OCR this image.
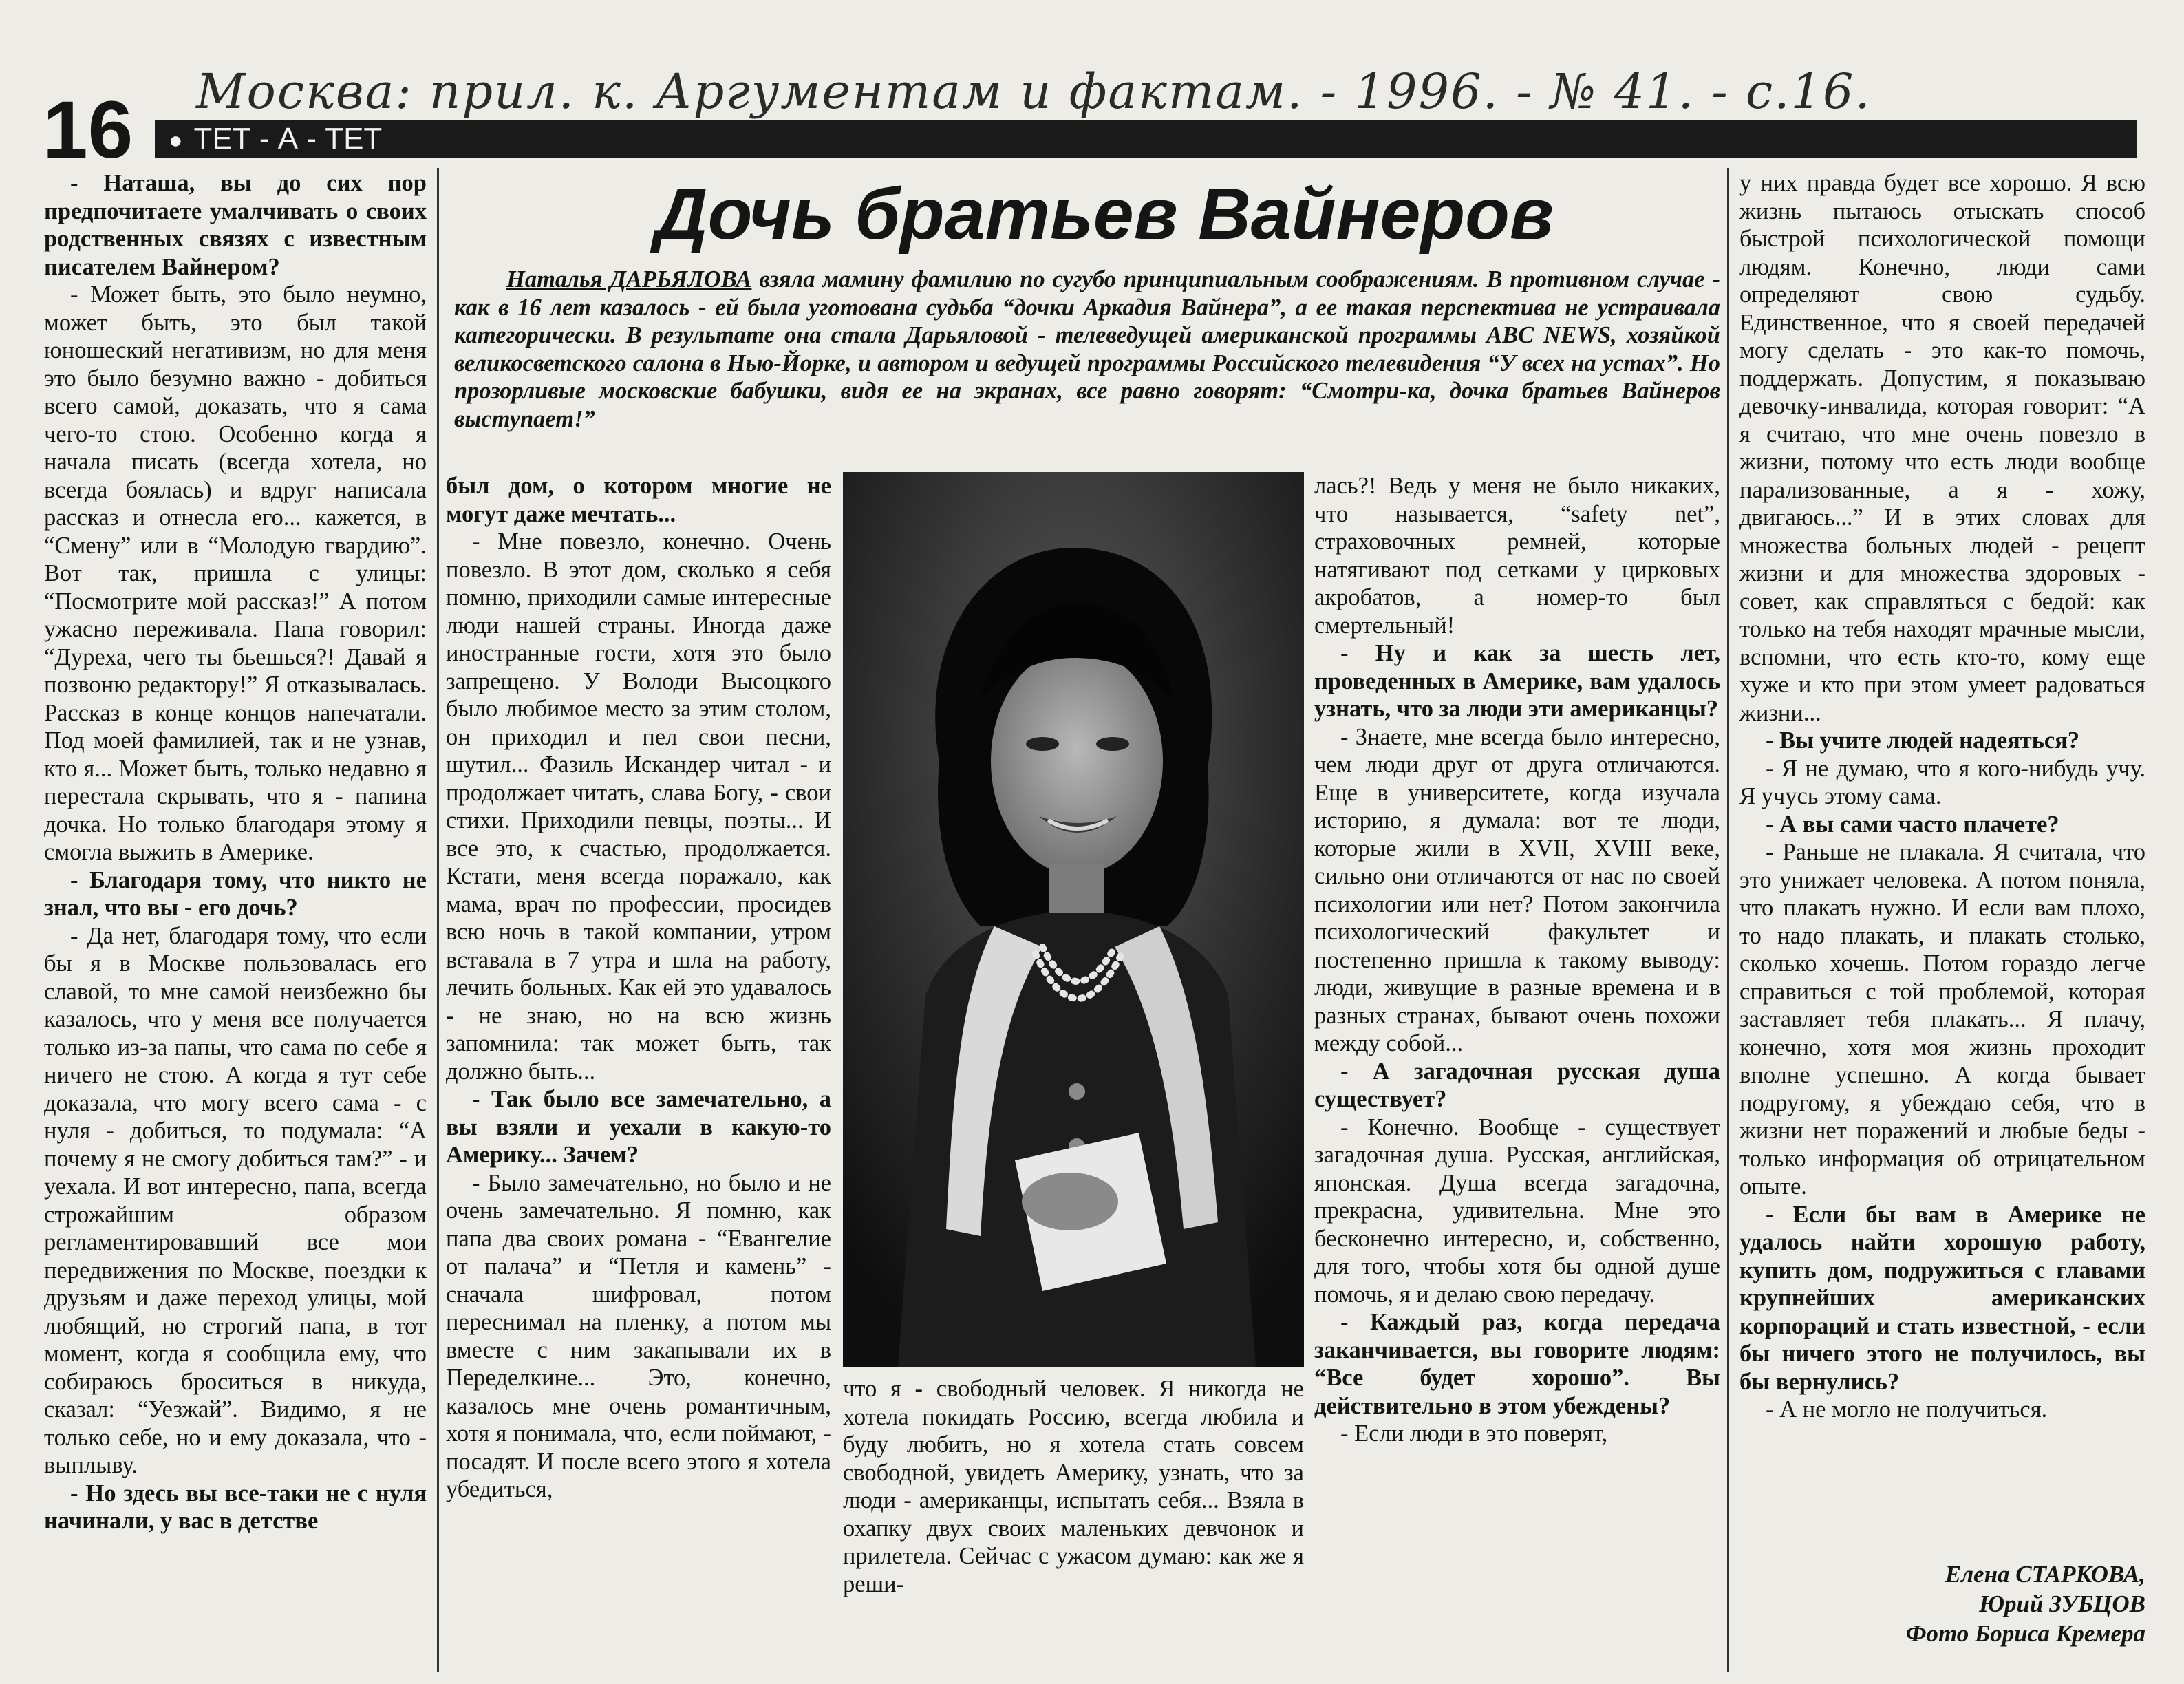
Москва: прил. к. Аргументам и фактам. - 1996. - № 41. - с.16.
16	● ТЕТ - А - ТЕТ

- Наташа, вы до сих пор предпочитаете умалчивать о своих родственных связях с известным писателем Вайнером?

- Может быть, это было неумно, может быть, это был такой юношеский негативизм, но для меня это было безумно важно - добиться всего самой, доказать, что я сама чего-то стою. Особенно когда я начала писать (всегда хотела, но всегда боялась) и вдруг написала рассказ и отнесла его... кажется, в “Смену” или в “Молодую гвардию”. Вот так, пришла с улицы: “Посмотрите мой рассказ!” А потом ужасно переживала. Папа говорил: “Дуреха, чего ты бьешься?! Давай я позвоню редактору!” Я отказывалась. Рассказ в конце концов напечатали. Под моей фамилией, так и не узнав, кто я... Может быть, только недавно я перестала скрывать, что я - папина дочка. Но только благодаря этому я смогла выжить в Америке.

- Благодаря тому, что никто не знал, что вы - его дочь?

- Да нет, благодаря тому, что если бы я в Москве пользовалась его славой, то мне самой неизбежно бы казалось, что у меня все получается только из-за папы, что сама по себе я ничего не стою. А когда я тут себе доказала, что могу всего сама - с нуля - добиться, то подумала: “А почему я не смогу добиться там?” - и уехала. И вот интересно, папа, всегда строжайшим образом регламентировавший все мои передвижения по Москве, поездки к друзьям и даже переход улицы, мой любящий, но строгий папа, в тот момент, когда я сообщила ему, что собираюсь броситься в никуда, сказал: “Уезжай”. Видимо, я не только себе, но и ему доказала, что - выплыву.

- Но здесь вы все-таки не с нуля начинали, у вас в детстве

Дочь братьев Вайнеров
Наталья ДАРЬЯЛОВА взяла мамину фамилию по сугубо принципиальным соображениям. В противном случае - как в 16 лет казалось - ей была уготована судьба “дочки Аркадия Вайнера”, а ее такая перспектива не устраивала категорически. В результате она стала Дарьяловой - телеведущей американской программы ABC NEWS, хозяйкой великосветского салона в Нью-Йорке, и автором и ведущей программы Российского телевидения “У всех на устах”. Но прозорливые московские бабушки, видя ее на экранах, все равно говорят: “Смотри-ка, дочка братьев Вайнеров выступает!”

был дом, о котором многие не могут даже мечтать...

- Мне повезло, конечно. Очень повезло. В этот дом, сколько я себя помню, приходили самые интересные люди нашей страны. Иногда даже иностранные гости, хотя это было запрещено. У Володи Высоцкого было любимое место за этим столом, он приходил и пел свои песни, шутил... Фазиль Искандер читал - и продолжает читать, слава Богу, - свои стихи. Приходили певцы, поэты... И все это, к счастью, продолжается. Кстати, меня всегда поражало, как мама, врач по профессии, просидев всю ночь в такой компании, утром вставала в 7 утра и шла на работу, лечить больных. Как ей это удавалось - не знаю, но на всю жизнь запомнила: так может быть, так должно быть...

- Так было все замечательно, а вы взяли и уехали в какую-то Америку... Зачем?

- Было замечательно, но было и не очень замечательно. Я помню, как папа два своих романа - “Евангелие от палача” и “Петля и камень” - сначала шифровал, потом переснимал на пленку, а потом мы вместе с ним закапывали их в Переделкине... Это, конечно, казалось мне очень романтичным, хотя я понимала, что, если поймают, - посадят. И после всего этого я хотела убедиться,

что я - свободный человек. Я никогда не хотела покидать Россию, всегда любила и буду любить, но я хотела стать совсем свободной, увидеть Америку, узнать, что за люди - американцы, испытать себя... Взяла в охапку двух своих маленьких девчонок и прилетела. Сейчас с ужасом думаю: как же я реши-

лась?! Ведь у меня не было никаких, что называется, “safety net”, страховочных ремней, которые натягивают под сетками у цирковых акробатов, а номер-то был смертельный!

- Ну и как за шесть лет, проведенных в Америке, вам удалось узнать, что за люди эти американцы?

- Знаете, мне всегда было интересно, чем люди друг от друга отличаются. Еще в университете, когда изучала историю, я думала: вот те люди, которые жили в XVII, XVIII веке, сильно они отличаются от нас по своей психологии или нет? Потом закончила психологический факультет и постепенно пришла к такому выводу: люди, живущие в разные времена и в разных странах, бывают очень похожи между собой...

- А загадочная русская душа существует?

- Конечно. Вообще - существует загадочная душа. Русская, английская, японская. Душа всегда загадочна, прекрасна, удивительна. Мне это бесконечно интересно, и, собственно, для того, чтобы хотя бы одной душе помочь, я и делаю свою передачу.

- Каждый раз, когда передача заканчивается, вы говорите людям: “Все будет хорошо”. Вы действительно в этом убеждены?

- Если люди в это поверят,

у них правда будет все хорошо. Я всю жизнь пытаюсь отыскать способ быстрой психологической помощи людям. Конечно, люди сами определяют свою судьбу. Единственное, что я своей передачей могу сделать - это как-то помочь, поддержать. Допустим, я показываю девочку-инвалида, которая говорит: “А я считаю, что мне очень повезло в жизни, потому что есть люди вообще парализованные, а я - хожу, двигаюсь...” И в этих словах для множества больных людей - рецепт жизни и для множества здоровых - совет, как справляться с бедой: как только на тебя находят мрачные мысли, вспомни, что есть кто-то, кому еще хуже и кто при этом умеет радоваться жизни...

- Вы учите людей надеяться?

- Я не думаю, что я кого-нибудь учу. Я учусь этому сама.

- А вы сами часто плачете?

- Раньше не плакала. Я считала, что это унижает человека. А потом поняла, что плакать нужно. И если вам плохо, то надо плакать, и плакать столько, сколько хочешь. Потом гораздо легче справиться с той проблемой, которая заставляет тебя плакать... Я плачу, конечно, хотя моя жизнь проходит вполне успешно. А когда бывает подругому, я убеждаю себя, что в жизни нет поражений и любые беды - только информация об отрицательном опыте.

- Если бы вам в Америке не удалось найти хорошую работу, купить дом, подружиться с главами крупнейших американских корпораций и стать известной, - если бы ничего этого не получилось, вы бы вернулись?

- А не могло не получиться.

Елена СТАРКОВА,
Юрий ЗУБЦОВ
Фото Бориса Кремера
